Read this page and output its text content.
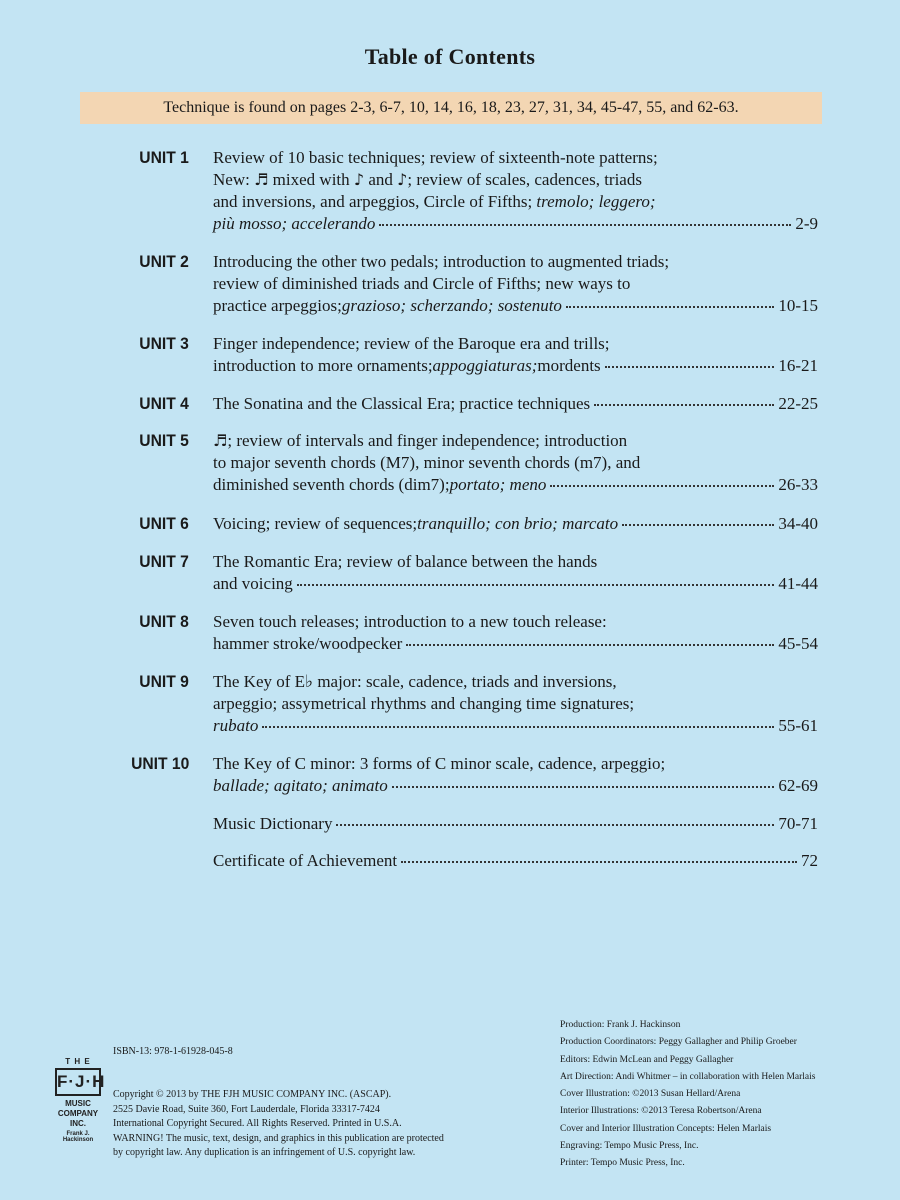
Table of Contents
Technique is found on pages 2-3, 6-7, 10, 14, 16, 18, 23, 27, 31, 34, 45-47, 55, and 62-63.
UNIT 1 Review of 10 basic techniques; review of sixteenth-note patterns;
New: ♬ mixed with ♪ and ♪; review of scales, cadences, triads
and inversions, and arpeggios, Circle of Fifths; tremolo; leggero;
più mosso; accelerando	2-9
UNIT 2 Introducing the other two pedals; introduction to augmented triads;
review of diminished triads and Circle of Fifths; new ways to
practice arpeggios; grazioso; scherzando; sostenuto	10-15
UNIT 3 Finger independence; review of the Baroque era and trills;
introduction to more ornaments; appoggiaturas; mordents	16-21
UNIT 4 The Sonatina and the Classical Era; practice techniques	22-25
UNIT 5 ♬; review of intervals and finger independence; introduction
to major seventh chords (M7), minor seventh chords (m7), and
diminished seventh chords (dim7); portato; meno	26-33
UNIT 6 Voicing; review of sequences; tranquillo; con brio; marcato	34-40
UNIT 7 The Romantic Era; review of balance between the hands
and voicing	41-44
UNIT 8 Seven touch releases; introduction to a new touch release:
hammer stroke/woodpecker	45-54
UNIT 9 The Key of E♭ major: scale, cadence, triads and inversions,
arpeggio; assymetrical rhythms and changing time signatures;
rubato	55-61
UNIT 10 The Key of C minor: 3 forms of C minor scale, cadence, arpeggio;
ballade; agitato; animato	62-69
Music Dictionary	70-71
Certificate of Achievement	72
T H E
F·J·H
MUSIC COMPANY INC.
Frank J. Hackinson
ISBN-13: 978-1-61928-045-8
Copyright © 2013 by THE FJH MUSIC COMPANY INC. (ASCAP).
2525 Davie Road, Suite 360, Fort Lauderdale, Florida 33317-7424
International Copyright Secured. All Rights Reserved. Printed in U.S.A.
WARNING! The music, text, design, and graphics in this publication are protected
by copyright law. Any duplication is an infringement of U.S. copyright law.
Production: Frank J. Hackinson
Production Coordinators: Peggy Gallagher and Philip Groeber
Editors: Edwin McLean and Peggy Gallagher
Art Direction: Andi Whitmer – in collaboration with Helen Marlais
Cover Illustration: ©2013 Susan Hellard/Arena
Interior Illustrations: ©2013 Teresa Robertson/Arena
Cover and Interior Illustration Concepts: Helen Marlais
Engraving: Tempo Music Press, Inc.
Printer: Tempo Music Press, Inc.
